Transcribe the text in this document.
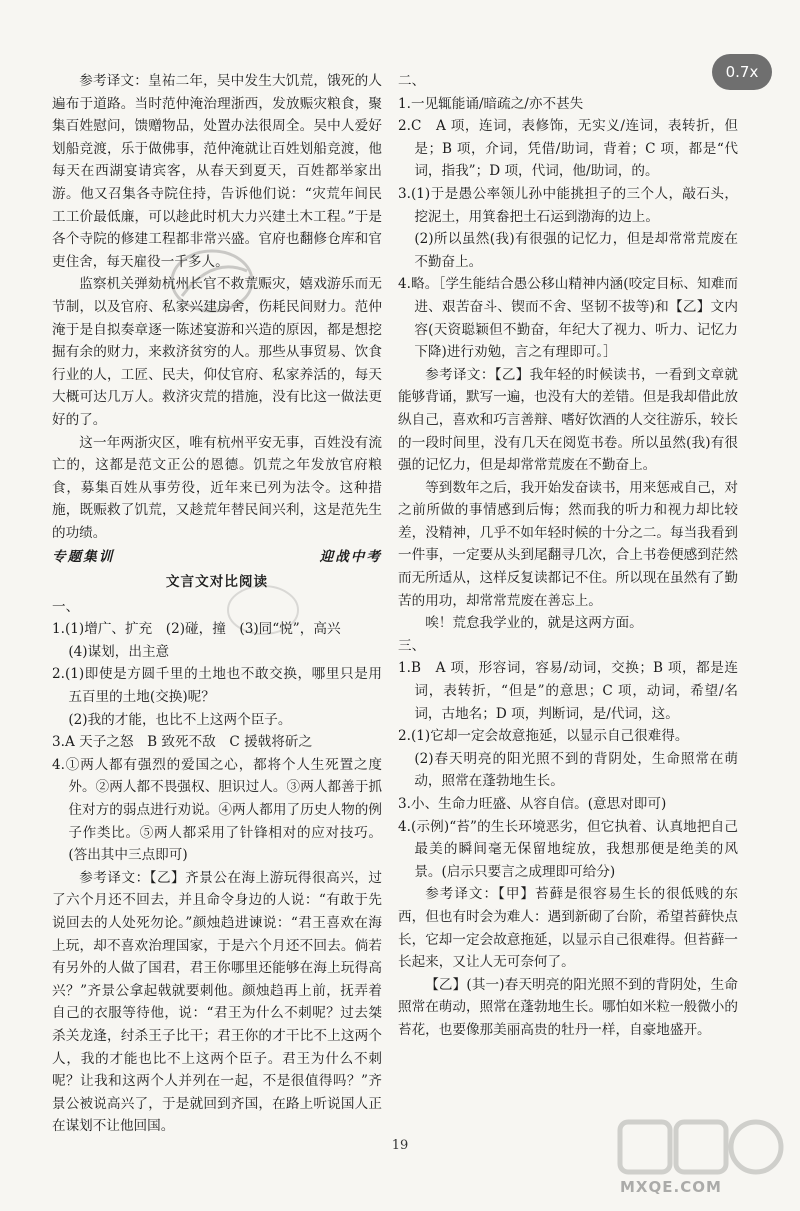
0.7x

参考译文：皇祐二年，吴中发生大饥荒，饿死的人遍布于道路。当时范仲淹治理浙西，发放赈灾粮食，聚集百姓慰问，馈赠物品，处置办法很周全。吴中人爱好划船竞渡，乐于做佛事，范仲淹就让百姓划船竞渡，他每天在西湖宴请宾客，从春天到夏天，百姓都举家出游。他又召集各寺院住持，告诉他们说：“灾荒年间民工工价最低廉，可以趁此时机大力兴建土木工程。”于是各个寺院的修建工程都非常兴盛。官府也翻修仓库和官吏住舍，每天雇役一千多人。

监察机关弹劾杭州长官不救荒赈灾，嬉戏游乐而无节制，以及官府、私家兴建房舍，伤耗民间财力。范仲淹于是自拟奏章逐一陈述宴游和兴造的原因，都是想挖掘有余的财力，来救济贫穷的人。那些从事贸易、饮食行业的人，工匠、民夫，仰仗官府、私家养活的，每天大概可达几万人。救济灾荒的措施，没有比这一做法更好的了。

这一年两浙灾区，唯有杭州平安无事，百姓没有流亡的，这都是范文正公的恩德。饥荒之年发放官府粮食，募集百姓从事劳役，近年来已列为法令。这种措施，既赈救了饥荒，又趁荒年替民间兴利，这是范先生的功绩。

专题集训	迎战中考
文言文对比阅读

一、

1.(1)增广、扩充　(2)碰，撞　(3)同“悦”，高兴

(4)谋划，出主意

2.(1)即使是方圆千里的土地也不敢交换，哪里只是用五百里的土地(交换)呢？

(2)我的才能，也比不上这两个臣子。

3.A 天子之怒　B 致死不敌　C 援戟将斫之

4.①两人都有强烈的爱国之心，都将个人生死置之度外。②两人都不畏强权、胆识过人。③两人都善于抓住对方的弱点进行劝说。④两人都用了历史人物的例子作类比。⑤两人都采用了针锋相对的应对技巧。(答出其中三点即可)

参考译文：【乙】齐景公在海上游玩得很高兴，过了六个月还不回去，并且命令身边的人说：“有敢于先说回去的人处死勿论。”颜烛趋进谏说：“君王喜欢在海上玩，却不喜欢治理国家，于是六个月还不回去。倘若有另外的人做了国君，君王你哪里还能够在海上玩得高兴？”齐景公拿起戟就要刺他。颜烛趋再上前，抚弄着自己的衣服等待他，说：“君王为什么不刺呢？过去桀杀关龙逢，纣杀王子比干；君王你的才干比不上这两个人，我的才能也比不上这两个臣子。君王为什么不刺呢？让我和这两个人并列在一起，不是很值得吗？”齐景公被说高兴了，于是就回到齐国，在路上听说国人正在谋划不让他回国。

二、

1.一见辄能诵/暗疏之/亦不甚失

2.C　A 项，连词，表修饰，无实义/连词，表转折，但是；B 项，介词，凭借/助词，背着；C 项，都是“代词，指我”；D 项，代词，他/助词，的。

3.(1)于是愚公率领儿孙中能挑担子的三个人，敲石头，挖泥土，用箕畚把土石运到渤海的边上。

(2)所以虽然(我)有很强的记忆力，但是却常常荒废在不勤奋上。

4.略。［学生能结合愚公移山精神内涵(咬定目标、知难而进、艰苦奋斗、锲而不舍、坚韧不拔等)和【乙】文内容(天资聪颖但不勤奋，年纪大了视力、听力、记忆力下降)进行劝勉，言之有理即可。］

参考译文：【乙】我年轻的时候读书，一看到文章就能够背诵，默写一遍，也没有大的差错。但是我却借此放纵自己，喜欢和巧言善辩、嗜好饮酒的人交往游乐，较长的一段时间里，没有几天在阅览书卷。所以虽然(我)有很强的记忆力，但是却常常荒废在不勤奋上。

等到数年之后，我开始发奋读书，用来惩戒自己，对之前所做的事情感到后悔；然而我的听力和视力却比较差，没精神，几乎不如年轻时候的十分之二。每当我看到一件事，一定要从头到尾翻寻几次，合上书卷便感到茫然而无所适从，这样反复读都记不住。所以现在虽然有了勤苦的用功，却常常荒废在善忘上。

唉！荒怠我学业的，就是这两方面。

三、

1.B　A 项，形容词，容易/动词，交换；B 项，都是连词，表转折，“但是”的意思；C 项，动词，希望/名词，古地名；D 项，判断词，是/代词，这。

2.(1)它却一定会故意拖延，以显示自己很难得。

(2)春天明亮的阳光照不到的背阴处，生命照常在萌动，照常在蓬勃地生长。

3.小、生命力旺盛、从容自信。(意思对即可)

4.(示例)“苔”的生长环境恶劣，但它执着、认真地把自己最美的瞬间毫无保留地绽放，我想那便是绝美的风景。(启示只要言之成理即可给分)

参考译文：【甲】苔藓是很容易生长的很低贱的东西，但也有时会为难人：遇到新砌了台阶，希望苔藓快点长，它却一定会故意拖延，以显示自己很难得。但苔藓一长起来，又让人无可奈何了。

【乙】(其一)春天明亮的阳光照不到的背阴处，生命照常在萌动，照常在蓬勃地生长。哪怕如米粒一般微小的苔花，也要像那美丽高贵的牡丹一样，自豪地盛开。

19
MXQE.COM
